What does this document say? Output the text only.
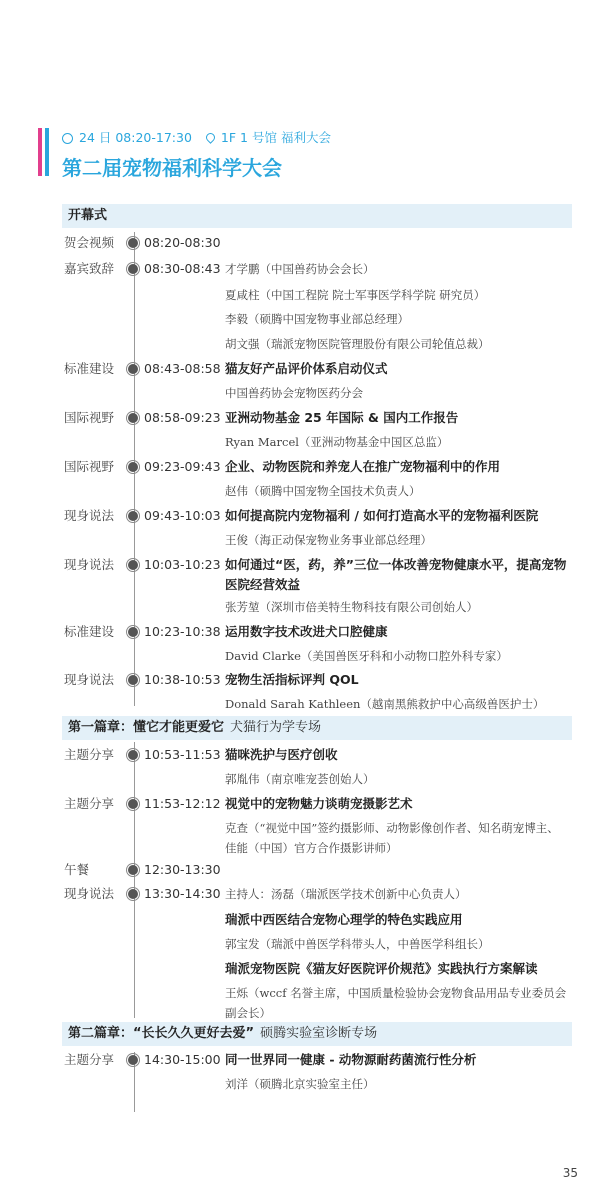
24 日 08:20-17:30 1F 1 号馆 福利大会
第二届宠物福利科学大会
开幕式
贺会视频 08:20-08:30
嘉宾致辞 08:30-08:43 才学鹏（中国兽药协会会长）
夏咸柱（中国工程院 院士军事医学科学院 研究员）
李毅（硕腾中国宠物事业部总经理）
胡文强（瑞派宠物医院管理股份有限公司轮值总裁）
标准建设 08:43-08:58 猫友好产品评价体系启动仪式
中国兽药协会宠物医药分会
国际视野 08:58-09:23 亚洲动物基金 25 年国际 & 国内工作报告
Ryan Marcel（亚洲动物基金中国区总监）
国际视野 09:23-09:43 企业、动物医院和养宠人在推广宠物福利中的作用
赵伟（硕腾中国宠物全国技术负责人）
现身说法 09:43-10:03 如何提高院内宠物福利 / 如何打造高水平的宠物福利医院
王俊（海正动保宠物业务事业部总经理）
现身说法 10:03-10:23 如何通过“医，药，养”三位一体改善宠物健康水平，提高宠物医院经营效益
张芳堃（深圳市倍美特生物科技有限公司创始人）
标准建设 10:23-10:38 运用数字技术改进犬口腔健康
David Clarke（美国兽医牙科和小动物口腔外科专家）
现身说法 10:38-10:53 宠物生活指标评判 QOL
Donald Sarah Kathleen（越南黑熊救护中心高级兽医护士）
第一篇章：懂它才能更爱它 犬猫行为学专场
主题分享 10:53-11:53 猫咪洗护与医疗创收
郭胤伟（南京唯宠荟创始人）
主题分享 11:53-12:12 视觉中的宠物魅力谈萌宠摄影艺术
克查（“视觉中国”签约摄影师、动物影像创作者、知名萌宠博主、佳能（中国）官方合作摄影讲师）
午餐	12:30-13:30
现身说法 13:30-14:30 主持人：汤磊（瑞派医学技术创新中心负责人）
瑞派中西医结合宠物心理学的特色实践应用
郭宝发（瑞派中兽医学科带头人，中兽医学科组长）
瑞派宠物医院《猫友好医院评价规范》实践执行方案解读
王烁（wccf 名誉主席，中国质量检验协会宠物食品用品专业委员会副会长）
第二篇章：“长长久久更好去爱” 硕腾实验室诊断专场
主题分享 14:30-15:00 同一世界同一健康 - 动物源耐药菌流行性分析
刘洋（硕腾北京实验室主任）
35
